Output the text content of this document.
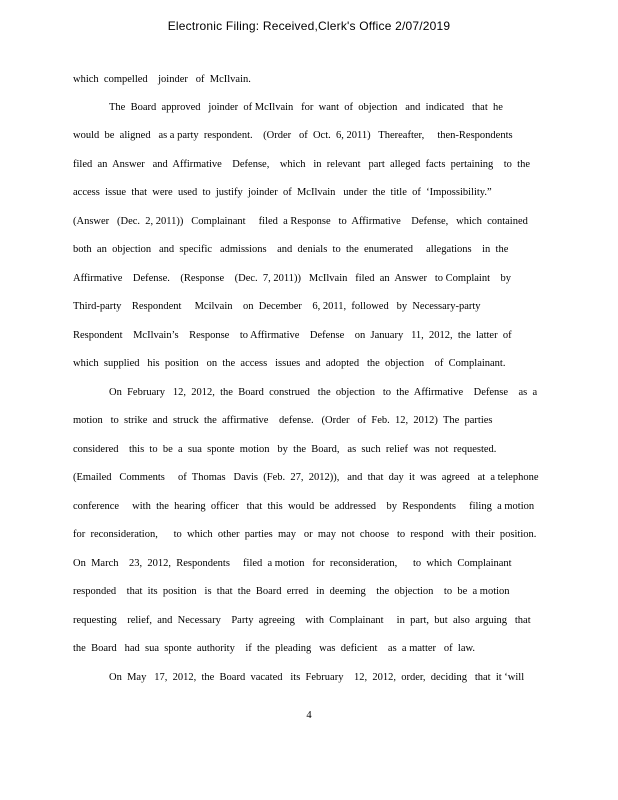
Electronic Filing: Received,Clerk's Office 2/07/2019
which  compelled    joinder   of  McIlvain.
The  Board  approved   joinder  of McIlvain   for  want  of  objection   and  indicated   that  he
would  be  aligned   as a party  respondent.    (Order   of  Oct.  6, 2011)   Thereafter,     then-Respondents
filed  an  Answer   and  Affirmative    Defense,    which   in  relevant   part  alleged  facts  pertaining    to  the
access  issue  that  were  used  to  justify  joinder  of  McIlvain   under  the  title  of  ‘Impossibility.”
(Answer   (Dec.  2, 2011))   Complainant     filed  a Response   to  Affirmative    Defense,   which  contained
both  an  objection   and  specific   admissions    and  denials  to  the  enumerated     allegations    in  the
Affirmative    Defense.    (Response    (Dec.  7, 2011))   McIlvain   filed  an  Answer   to Complaint    by
Third-party    Respondent     Mcilvain    on  December    6, 2011,  followed   by  Necessary-party
Respondent    McIlvain’s    Response    to Affirmative    Defense    on  January   11,  2012,  the  latter  of
which  supplied   his  position   on  the  access   issues  and  adopted   the  objection    of  Complainant.
On  February   12,  2012,  the  Board  construed   the  objection   to  the  Affirmative    Defense    as  a
motion   to  strike  and  struck  the  affirmative    defense.   (Order   of  Feb.  12,  2012)  The  parties
considered    this  to  be  a  sua  sponte  motion   by  the  Board,   as  such  relief  was  not  requested.
(Emailed   Comments     of  Thomas   Davis  (Feb.  27,  2012)),   and  that  day  it  was  agreed   at  a telephone
conference     with  the  hearing  officer   that  this  would  be  addressed    by  Respondents     filing  a motion
for  reconsideration,      to  which  other  parties  may   or  may  not  choose   to  respond   with  their  position.
On  March    23,  2012,  Respondents     filed  a motion   for  reconsideration,      to  which  Complainant
responded    that  its  position   is  that  the  Board  erred   in  deeming    the  objection    to  be  a motion
requesting    relief,  and  Necessary    Party  agreeing    with  Complainant     in  part,  but  also  arguing   that
the  Board   had  sua  sponte  authority    if  the  pleading   was  deficient    as  a matter   of  law.
On  May   17,  2012,  the  Board  vacated   its  February    12,  2012,  order,  deciding   that  it ‘will
4
